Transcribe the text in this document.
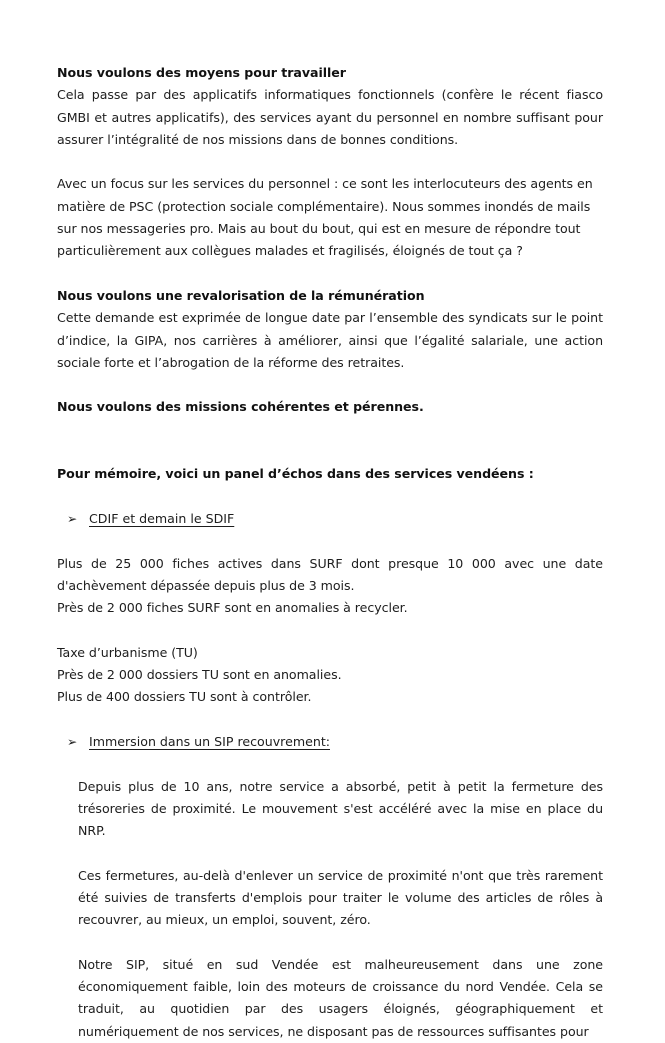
Nous voulons des moyens pour travailler

Cela passe par des applicatifs informatiques fonctionnels (confère le récent fiasco GMBI et autres applicatifs), des services ayant du personnel en nombre suffisant pour assurer l’intégralité de nos missions dans de bonnes conditions.

Avec un focus sur les services du personnel : ce sont les interlocuteurs des agents en matière de PSC (protection sociale complémentaire). Nous sommes inondés de mails sur nos messageries pro. Mais au bout du bout, qui est en mesure de répondre tout particulièrement aux collègues malades et fragilisés, éloignés de tout ça ?

Nous voulons une revalorisation de la rémunération

Cette demande est exprimée de longue date par l’ensemble des syndicats sur le point d’indice, la GIPA, nos carrières à améliorer, ainsi que l’égalité salariale, une action sociale forte et l’abrogation de la réforme des retraites.

Nous voulons des missions cohérentes et pérennes.

Pour mémoire, voici un panel d’échos dans des services vendéens :

➢ CDIF et demain le SDIF

Plus de 25 000 fiches actives dans SURF dont presque 10 000 avec une date d'achèvement dépassée depuis plus de 3 mois.

Près de 2 000 fiches SURF sont en anomalies à recycler.

Taxe d’urbanisme (TU)

Près de 2 000 dossiers TU sont en anomalies.

Plus de 400 dossiers TU sont à contrôler.

➢ Immersion dans un SIP recouvrement:

Depuis plus de 10 ans, notre service a absorbé, petit à petit la fermeture des trésoreries de proximité. Le mouvement s'est accéléré avec la mise en place du NRP.

Ces fermetures, au-delà d'enlever un service de proximité n'ont que très rarement été suivies de transferts d'emplois pour traiter le volume des articles de rôles à recouvrer, au mieux, un emploi, souvent, zéro.

Notre SIP, situé en sud Vendée est malheureusement dans une zone économiquement faible, loin des moteurs de croissance du nord Vendée. Cela se traduit, au quotidien par des usagers éloignés, géographiquement et numériquement de nos services, ne disposant pas de ressources suffisantes pour
